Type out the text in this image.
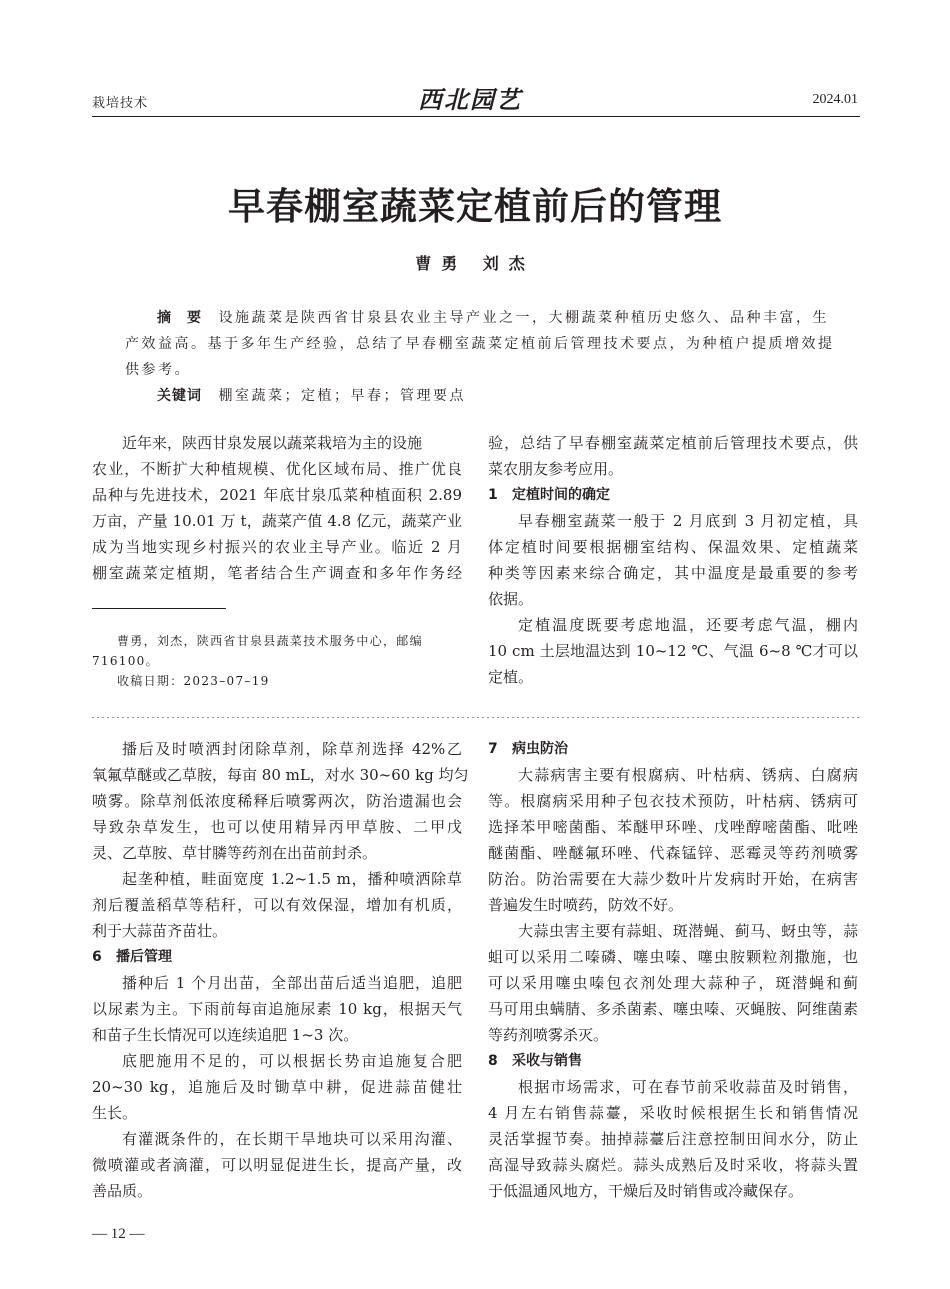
栽培技术	西北园艺	2024.01
早春棚室蔬菜定植前后的管理
曹勇 刘杰
摘　要　 设施蔬菜是陕西省甘泉县农业主导产业之一，大棚蔬菜种植历史悠久、品种丰富，生
产效益高。基于多年生产经验，总结了早春棚室蔬菜定植前后管理技术要点，为种植户提质增效提
供参考。
关键词　 棚室蔬菜；定植；早春；管理要点
近年来，陕西甘泉发展以蔬菜栽培为主的设施
农业，不断扩大种植规模、优化区域布局、推广优良
品种与先进技术，2021 年底甘泉瓜菜种植面积 2.89
万亩，产量 10.01 万 t，蔬菜产值 4.8 亿元，蔬菜产业
成为当地实现乡村振兴的农业主导产业。临近 2 月
棚室蔬菜定植期，笔者结合生产调查和多年作务经
曹勇，刘杰，陕西省甘泉县蔬菜技术服务中心，邮编
716100。
收稿日期：2023–07–19
验，总结了早春棚室蔬菜定植前后管理技术要点，供
菜农朋友参考应用。
1 定植时间的确定
早春棚室蔬菜一般于 2 月底到 3 月初定植，具
体定植时间要根据棚室结构、保温效果、定植蔬菜
种类等因素来综合确定，其中温度是最重要的参考
依据。
定植温度既要考虑地温，还要考虑气温，棚内
10 cm 土层地温达到 10~12 ℃、气温 6~8 ℃才可以
定植。
播后及时喷洒封闭除草剂，除草剂选择 42%乙
氧氟草醚或乙草胺，每亩 80 mL，对水 30~60 kg 均匀
喷雾。除草剂低浓度稀释后喷雾两次，防治遗漏也会
导致杂草发生，也可以使用精异丙甲草胺、二甲戊
灵、乙草胺、草甘膦等药剂在出苗前封杀。
起垄种植，畦面宽度 1.2~1.5 m，播种喷洒除草
剂后覆盖稻草等秸秆，可以有效保湿，增加有机质，
利于大蒜苗齐苗壮。
6 播后管理
播种后 1 个月出苗，全部出苗后适当追肥，追肥
以尿素为主。下雨前每亩追施尿素 10 kg，根据天气
和苗子生长情况可以连续追肥 1~3 次。
底肥施用不足的，可以根据长势亩追施复合肥
20~30 kg，追施后及时锄草中耕，促进蒜苗健壮
生长。
有灌溉条件的，在长期干旱地块可以采用沟灌、
微喷灌或者滴灌，可以明显促进生长，提高产量，改
善品质。
7 病虫防治
大蒜病害主要有根腐病、叶枯病、锈病、白腐病
等。根腐病采用种子包衣技术预防，叶枯病、锈病可
选择苯甲嘧菌酯、苯醚甲环唑、戊唑醇嘧菌酯、吡唑
醚菌酯、唑醚氟环唑、代森锰锌、恶霉灵等药剂喷雾
防治。防治需要在大蒜少数叶片发病时开始，在病害
普遍发生时喷药，防效不好。
大蒜虫害主要有蒜蛆、斑潜蝇、蓟马、蚜虫等，蒜
蛆可以采用二嗪磷、噻虫嗪、噻虫胺颗粒剂撒施，也
可以采用噻虫嗪包衣剂处理大蒜种子，斑潜蝇和蓟
马可用虫螨腈、多杀菌素、噻虫嗪、灭蝇胺、阿维菌素
等药剂喷雾杀灭。
8 采收与销售
根据市场需求，可在春节前采收蒜苗及时销售，
4 月左右销售蒜薹，采收时候根据生长和销售情况
灵活掌握节奏。抽掉蒜薹后注意控制田间水分，防止
高湿导致蒜头腐烂。蒜头成熟后及时采收，将蒜头置
于低温通风地方，干燥后及时销售或冷藏保存。
— 12 —
